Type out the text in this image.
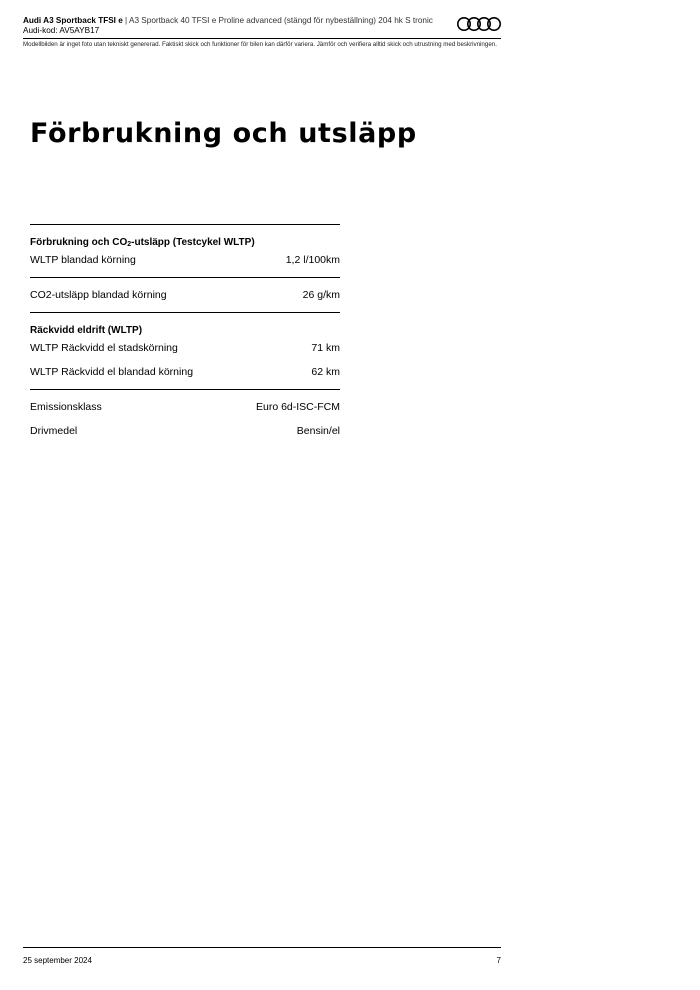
Audi A3 Sportback TFSI e | A3 Sportback 40 TFSI e Proline advanced (stängd för nybeställning) 204 hk S tronic
Audi-kod: AV5AYB17
Modellbilden är inget foto utan tekniskt genererad. Faktiskt skick och funktioner för bilen kan därför variera. Jämför och verifiera alltid skick och utrustning med beskrivningen.
Förbrukning och utsläpp
Förbrukning och $CO_2$-utsläpp (Testcykel WLTP)
WLTP blandad körning	1,2 l/100km
CO2-utsläpp blandad körning	26 g/km
Räckvidd eldrift (WLTP)
WLTP Räckvidd el stadskörning	71 km
WLTP Räckvidd el blandad körning	62 km
Emissionsklass	Euro 6d-ISC-FCM
Drivmedel	Bensin/el
25 september 2024	7
